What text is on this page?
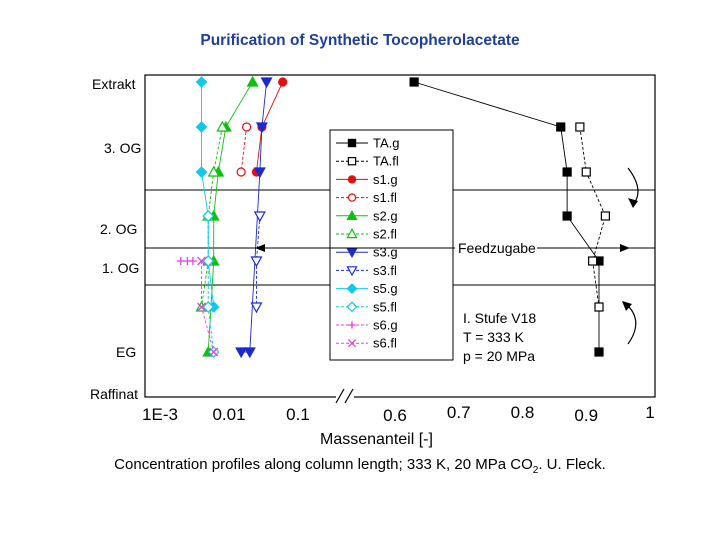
Purification of Synthetic Tocopherolacetate
Extrakt
3. OG
2. OG
1. OG
EG
Raffinat
TA.g
TA.fl
s1.g
s1.fl
s2.g
s2.fl
s3.g
s3.fl
s5.g
s5.fl
s6.g
s6.fl
Feedzugabe
I. Stufe V18
T = 333 K
p = 20 MPa
1E-3 0.01 0.1	0.6 0.7 0.8 0.9	1
Massenanteil [-]
Concentration profiles along column length; 333 K, 20 MPa $CO_2$. U. Fleck.
